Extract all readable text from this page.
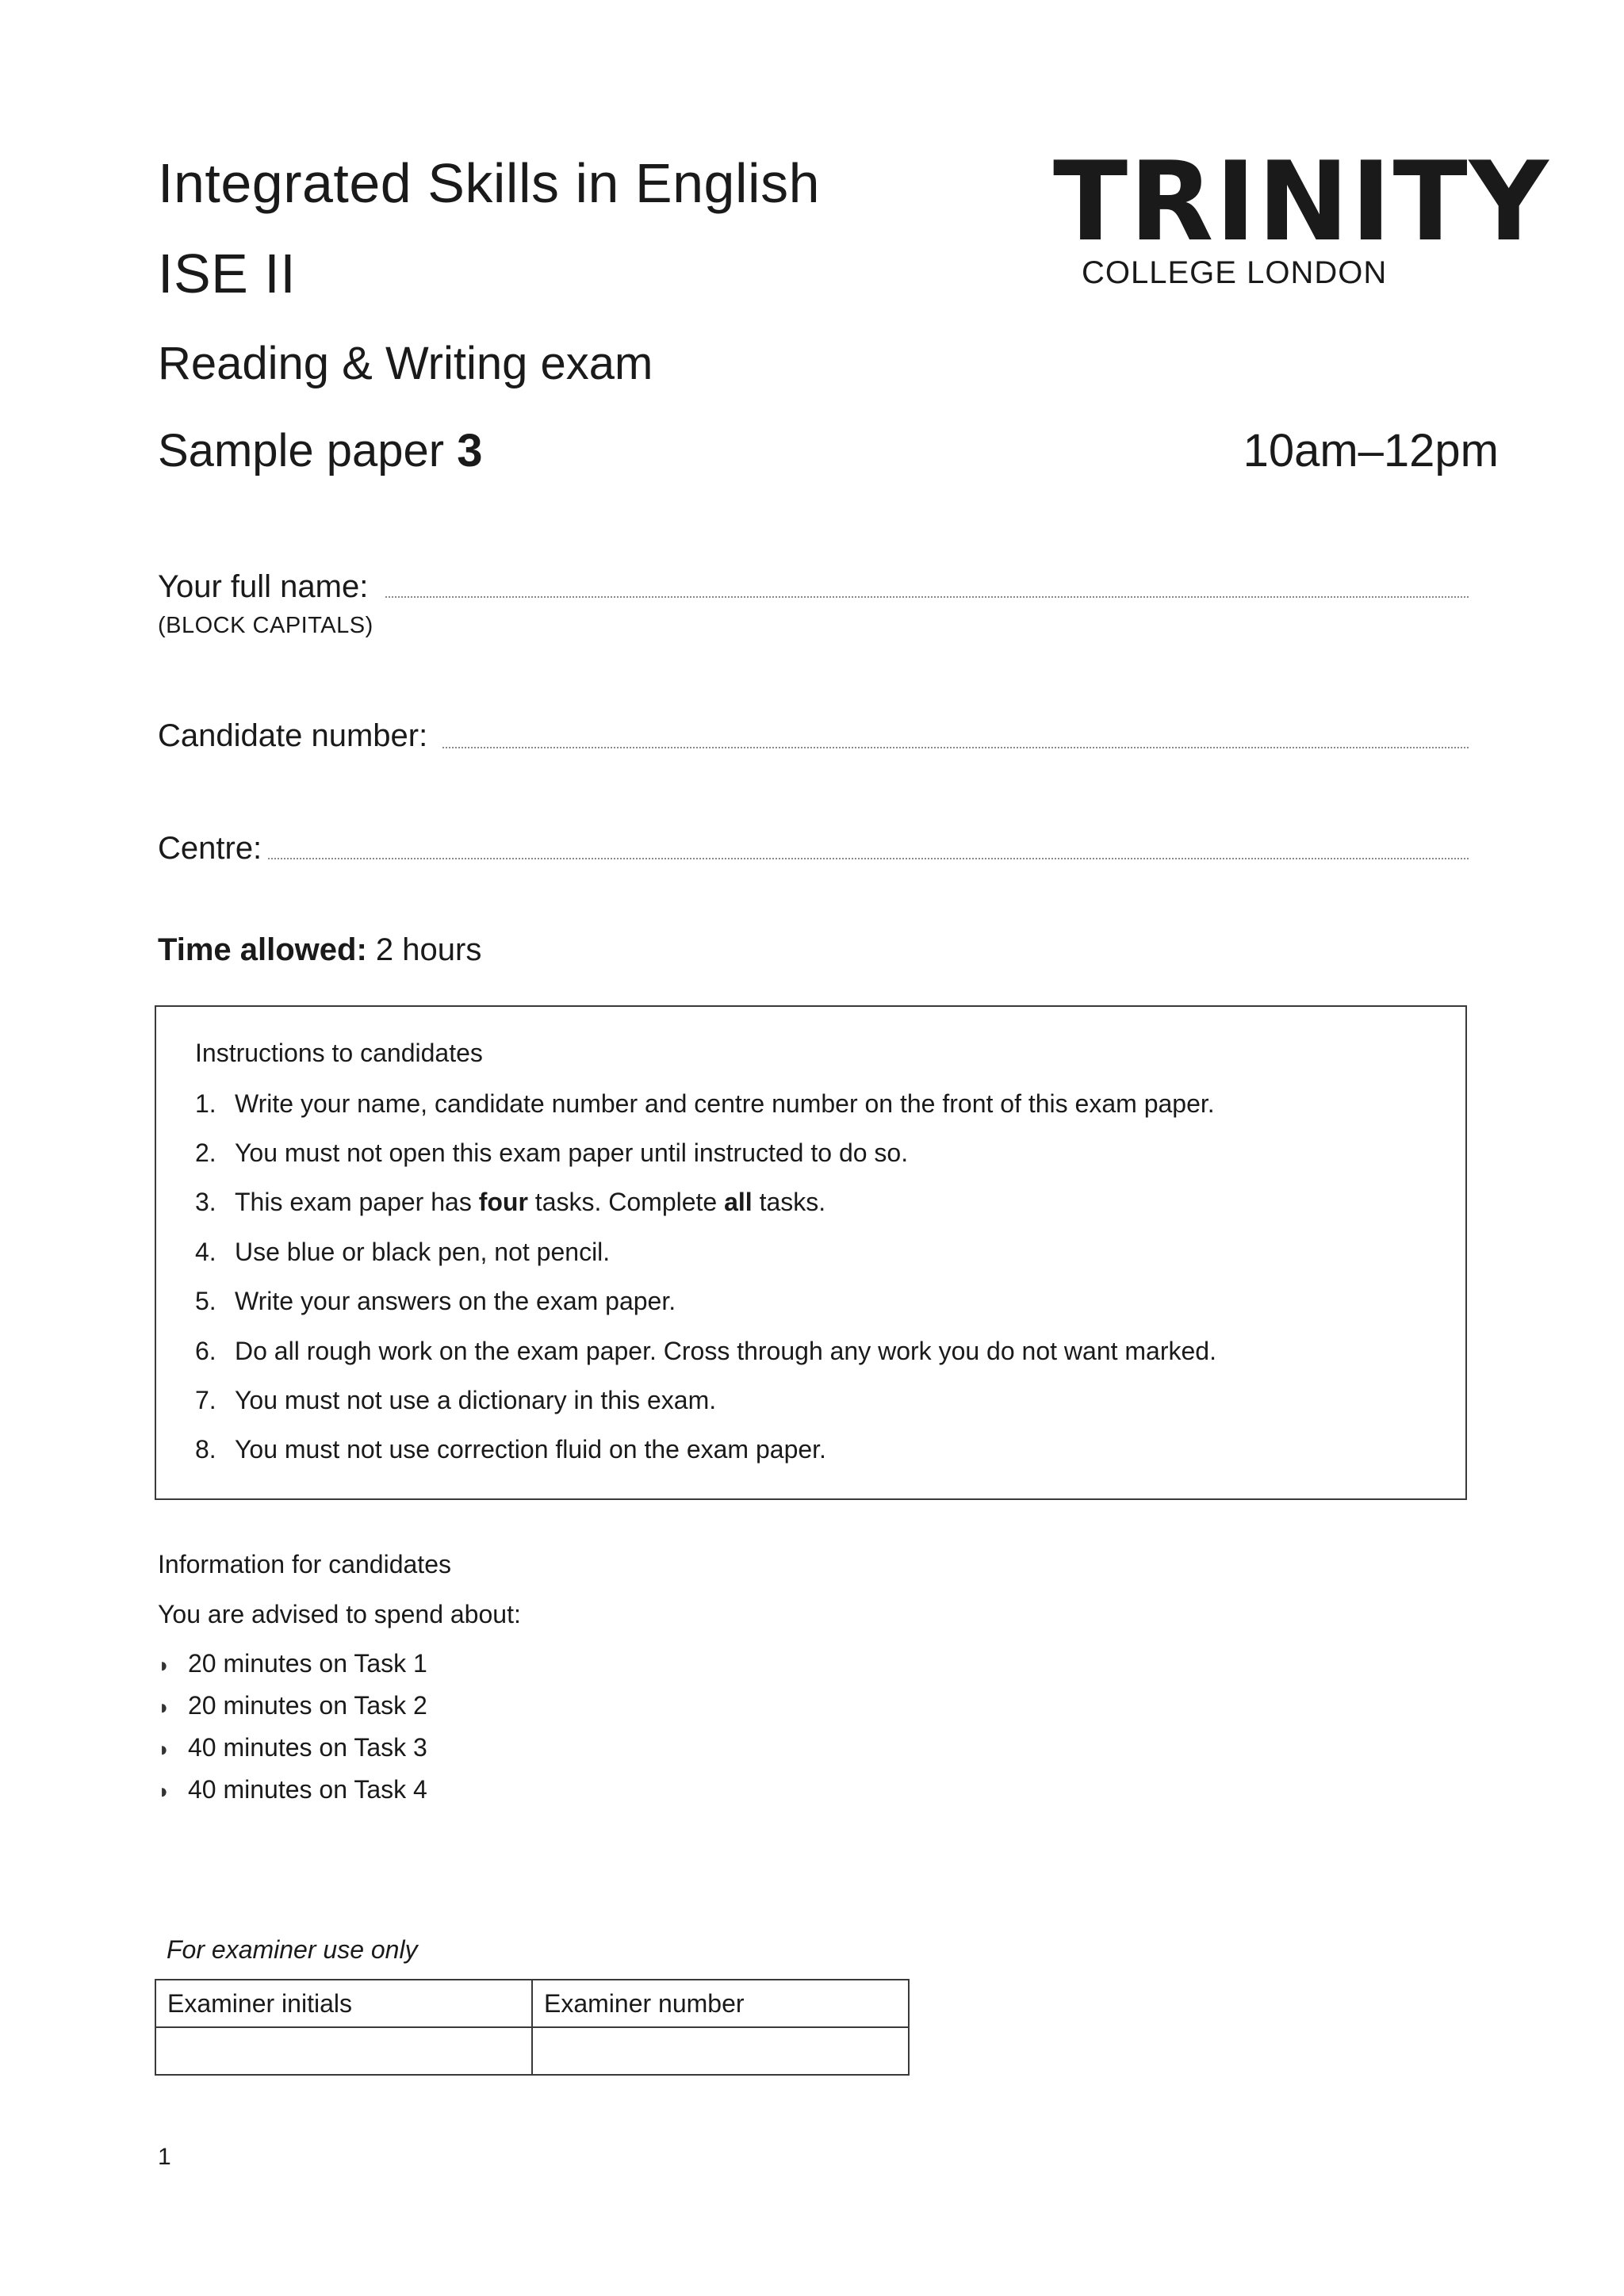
Integrated Skills in English
ISE II
Reading & Writing exam
Sample paper 3	10am–12pm
TRINITY
COLLEGE LONDON
Your full name:
(BLOCK CAPITALS)
Candidate number:
Centre:
Time allowed: 2 hours
Instructions to candidates
1. Write your name, candidate number and centre number on the front of this exam paper.
2. You must not open this exam paper until instructed to do so.
3. This exam paper has four tasks. Complete all tasks.
4. Use blue or black pen, not pencil.
5. Write your answers on the exam paper.
6. Do all rough work on the exam paper. Cross through any work you do not want marked.
7. You must not use a dictionary in this exam.
8. You must not use correction fluid on the exam paper.
Information for candidates
You are advised to spend about:
◗ 20 minutes on Task 1
◗ 20 minutes on Task 2
◗ 40 minutes on Task 3
◗ 40 minutes on Task 4
For examiner use only
Examiner initials	Examiner number

1
